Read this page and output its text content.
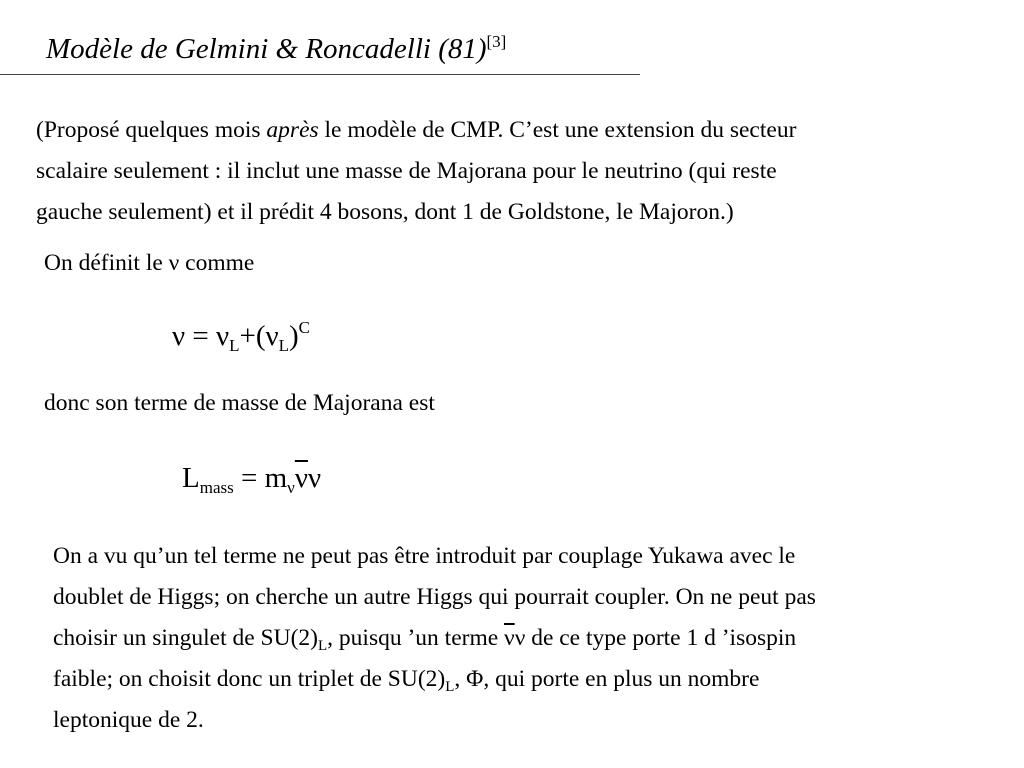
Modèle de Gelmini & Roncadelli (81)[3]
(Proposé quelques mois après le modèle de CMP. C’est une extension du secteur
scalaire seulement : il inclut une masse de Majorana pour le neutrino (qui reste
gauche seulement) et il prédit 4 bosons, dont 1 de Goldstone, le Majoron.)
On définit le ν comme
$\nu = \nu_L+(\nu_L)^C$
donc son terme de masse de Majorana est
$L_{mass} = m_\nu\overline{\nu}\nu$
On a vu qu’un tel terme ne peut pas être introduit par couplage Yukawa avec le
doublet de Higgs; on cherche un autre Higgs qui pourrait coupler. On ne peut pas
choisir un singulet de $SU(2)_L$, puisqu ’un terme $\overline{\nu}\nu$ de ce type porte 1 d ’isospin
faible; on choisit donc un triplet de $SU(2)_L$, Φ, qui porte en plus un nombre
leptonique de 2.
